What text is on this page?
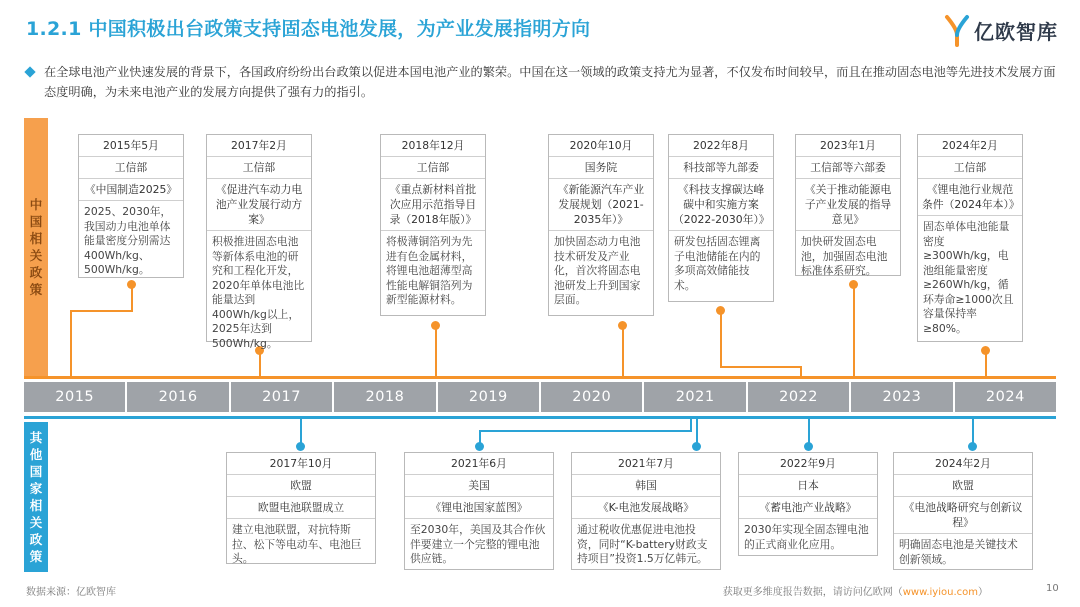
1.2.1 中国积极出台政策支持固态电池发展，为产业发展指明方向	亿欧智库
在全球电池产业快速发展的背景下，各国政府纷纷出台政策以促进本国电池产业的繁荣。中国在这一领域的政策支持尤为显著，不仅发布时间较早，而且在推动固态电池等先进技术发展方面态度明确，为未来电池产业的发展方向提供了强有力的指引。
中
国
相
关
政
策
其
他
国
家
相
关
政
策
2015	2016	2017	2018	2019	2020	2021	2022	2023	2024
2015年5月
工信部
《中国制造2025》
2025、2030年，我国动力电池单体能量密度分别需达400Wh/kg、500Wh/kg。
2017年2月
工信部
《促进汽车动力电池产业发展行动方案》
积极推进固态电池等新体系电池的研究和工程化开发，2020年单体电池比能量达到400Wh/kg以上，2025年达到500Wh/kg。
2018年12月
工信部
《重点新材料首批次应用示范指导目录（2018年版）》
将极薄铜箔列为先进有色金属材料，将锂电池超薄型高性能电解铜箔列为新型能源材料。
2020年10月
国务院
《新能源汽车产业发展规划（2021-2035年）》
加快固态动力电池技术研发及产业化，首次将固态电池研发上升到国家层面。
2022年8月
科技部等九部委
《科技支撑碳达峰碳中和实施方案（2022-2030年）》
研发包括固态锂离子电池储能在内的多项高效储能技术。
2023年1月
工信部等六部委
《关于推动能源电子产业发展的指导意见》
加快研发固态电池，加强固态电池标准体系研究。
2024年2月
工信部
《锂电池行业规范条件（2024年本）》
固态单体电池能量密度≥300Wh/kg，电池组能量密度≥260Wh/kg，循环寿命≥1000次且容量保持率≥80%。
2017年10月
欧盟
欧盟电池联盟成立
建立电池联盟，对抗特斯拉、松下等电动车、电池巨头。
2021年6月
美国
《锂电池国家蓝图》
至2030年，美国及其合作伙伴要建立一个完整的锂电池供应链。
2021年7月
韩国
《K-电池发展战略》
通过税收优惠促进电池投资，同时“K-battery财政支持项目”投资1.5万亿韩元。
2022年9月
日本
《蓄电池产业战略》
2030年实现全固态锂电池的正式商业化应用。
2024年2月
欧盟
《电池战略研究与创新议程》
明确固态电池是关键技术创新领域。
数据来源：亿欧智库	获取更多维度报告数据，请访问亿欧网（www.iyiou.com）	10
